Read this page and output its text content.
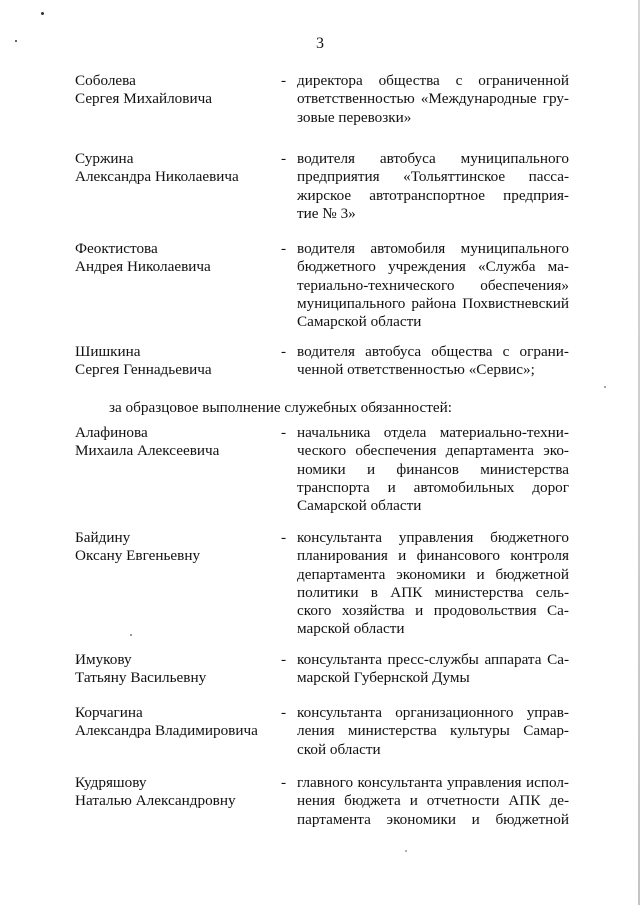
3
Соболева
Сергея Михайловича
- директора общества с ограниченной
ответственностью «Международные гру-
зовые перевозки»
Суржина
Александра Николаевича
- водителя автобуса муниципального
предприятия «Тольяттинское пасса-
жирское автотранспортное предприя-
тие № 3»
Феоктистова
Андрея Николаевича
- водителя автомобиля муниципального
бюджетного учреждения «Служба ма-
териально-технического обеспечения»
муниципального района Похвистневский
Самарской области
Шишкина
Сергея Геннадьевича
- водителя автобуса общества с ограни-
ченной ответственностью «Сервис»;
за образцовое выполнение служебных обязанностей:
Алафинова
Михаила Алексеевича
- начальника отдела материально-техни-
ческого обеспечения департамента эко-
номики и финансов министерства
транспорта и автомобильных дорог
Самарской области
Байдину
Оксану Евгеньевну
- консультанта управления бюджетного
планирования и финансового контроля
департамента экономики и бюджетной
политики в АПК министерства сель-
ского хозяйства и продовольствия Са-
марской области
Имукову
Татьяну Васильевну
- консультанта пресс-службы аппарата Са-
марской Губернской Думы
Корчагина
Александра Владимировича
- консультанта организационного управ-
ления министерства культуры Самар-
ской области
Кудряшову
Наталью Александровну
- главного консультанта управления испол-
нения бюджета и отчетности АПК де-
партамента экономики и бюджетной
